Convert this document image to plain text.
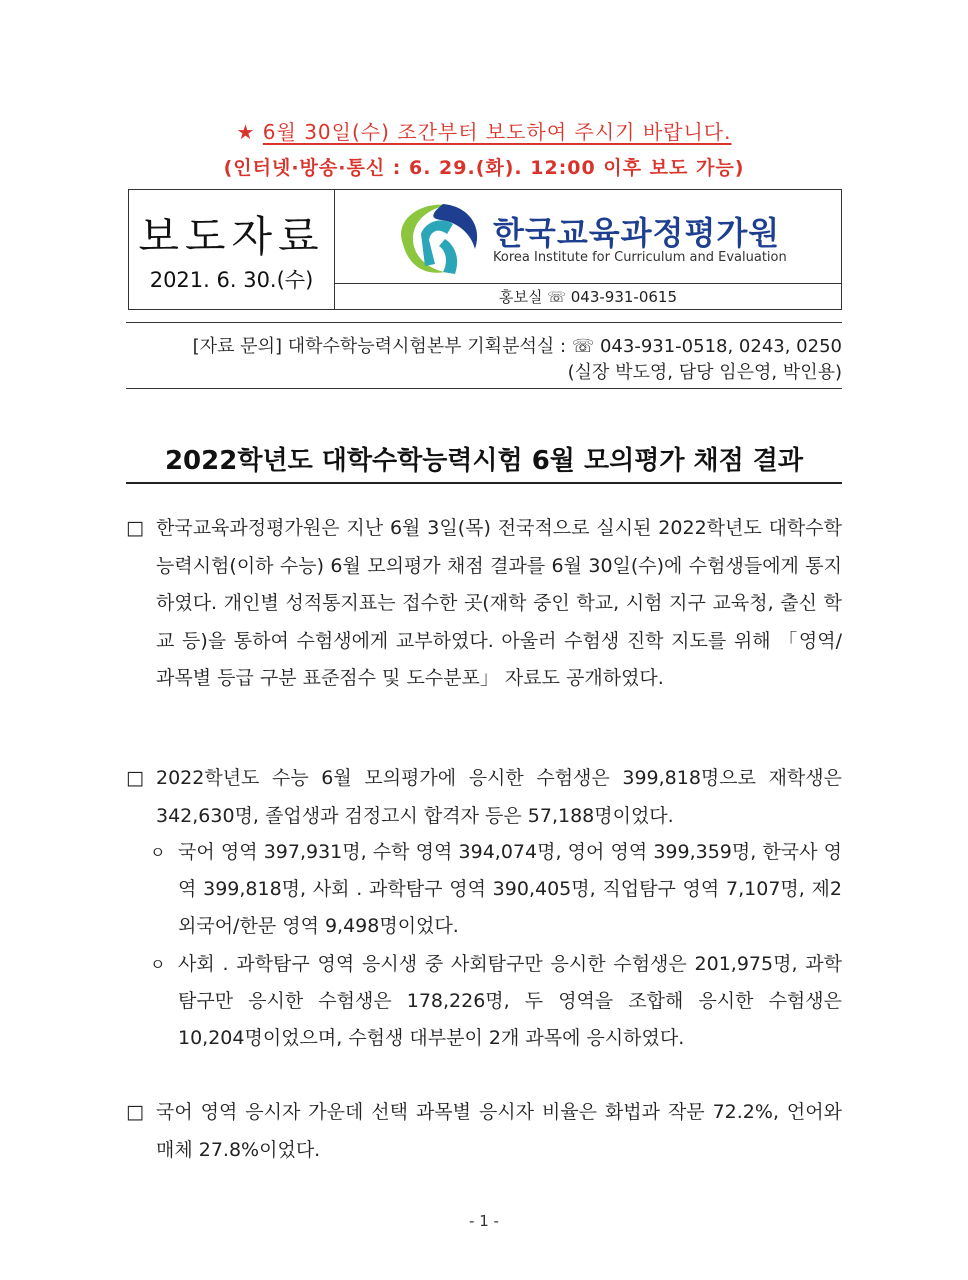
★ 6월 30일(수) 조간부터 보도하여 주시기 바랍니다.
(인터넷·방송·통신 : 6. 29.(화). 12:00 이후 보도 가능)
보도자료
2021. 6. 30.(수)
한국교육과정평가원
Korea Institute for Curriculum and Evaluation
홍보실 ☏ 043-931-0615
[자료 문의] 대학수학능력시험본부 기획분석실 : ☏ 043-931-0518, 0243, 0250
(실장 박도영, 담당 임은영, 박인용)
2022학년도 대학수학능력시험 6월 모의평가 채점 결과
□ 한국교육과정평가원은 지난 6월 3일(목) 전국적으로 실시된 2022학년도 대학수학능력시험(이하 수능) 6월 모의평가 채점 결과를 6월 30일(수)에 수험생들에게 통지하였다. 개인별 성적통지표는 접수한 곳(재학 중인 학교, 시험 지구 교육청, 출신 학교 등)을 통하여 수험생에게 교부하였다. 아울러 수험생 진학 지도를 위해 「영역/과목별 등급 구분 표준점수 및 도수분포」 자료도 공개하였다.
□ 2022학년도 수능 6월 모의평가에 응시한 수험생은 399,818명으로 재학생은 342,630명, 졸업생과 검정고시 합격자 등은 57,188명이었다.
ㅇ 국어 영역 397,931명, 수학 영역 394,074명, 영어 영역 399,359명, 한국사 영역 399,818명, 사회 . 과학탐구 영역 390,405명, 직업탐구 영역 7,107명, 제2외국어/한문 영역 9,498명이었다.
ㅇ 사회 . 과학탐구 영역 응시생 중 사회탐구만 응시한 수험생은 201,975명, 과학탐구만 응시한 수험생은 178,226명, 두 영역을 조합해 응시한 수험생은 10,204명이었으며, 수험생 대부분이 2개 과목에 응시하였다.
□ 국어 영역 응시자 가운데 선택 과목별 응시자 비율은 화법과 작문 72.2%, 언어와 매체 27.8%이었다.
- 1 -
